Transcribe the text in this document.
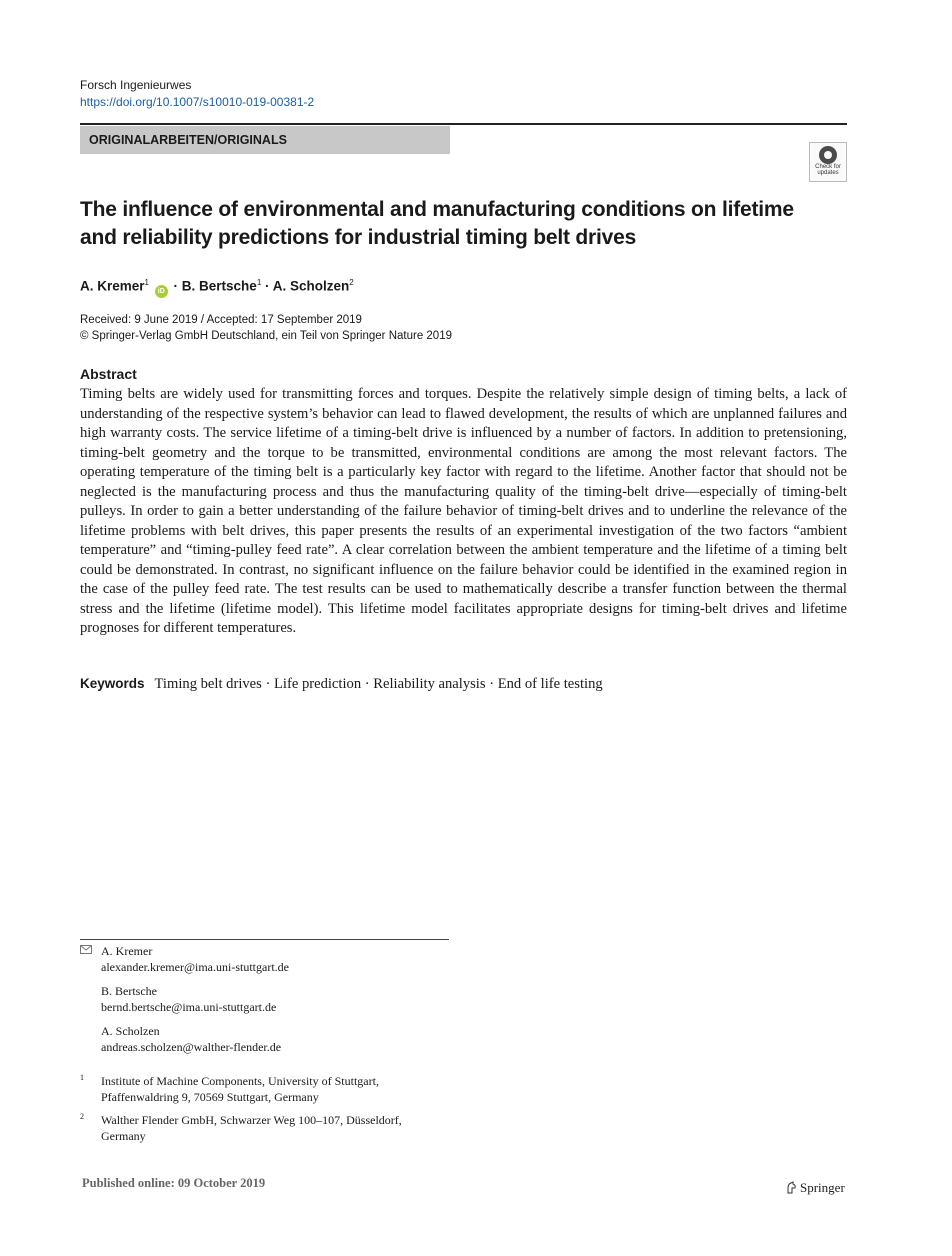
Forsch Ingenieurwes
https://doi.org/10.1007/s10010-019-00381-2
ORIGINALARBEITEN/ORIGINALS
Check for
updates
The influence of environmental and manufacturing conditions on lifetime and reliability predictions for industrial timing belt drives
A. Kremer$^1$ iD · B. Bertsche$^1$ · A. Scholzen$^2$
Received: 9 June 2019 / Accepted: 17 September 2019
© Springer-Verlag GmbH Deutschland, ein Teil von Springer Nature 2019
Abstract

Timing belts are widely used for transmitting forces and torques. Despite the relatively simple design of timing belts, a lack of understanding of the respective system’s behavior can lead to flawed development, the results of which are unplanned failures and high warranty costs. The service lifetime of a timing-belt drive is influenced by a number of factors. In addition to pretensioning, timing-belt geometry and the torque to be transmitted, environmental conditions are among the most relevant factors. The operating temperature of the timing belt is a particularly key factor with regard to the lifetime. Another factor that should not be neglected is the manufacturing process and thus the manufacturing quality of the timing-belt drive—especially of timing-belt pulleys. In order to gain a better understanding of the failure behavior of timing-belt drives and to underline the relevance of the lifetime problems with belt drives, this paper presents the results of an experimental investigation of the two factors “ambient temperature” and “timing-pulley feed rate”. A clear correlation between the ambient temperature and the lifetime of a timing belt could be demonstrated. In contrast, no significant influence on the failure behavior could be identified in the examined region in the case of the pulley feed rate. The test results can be used to mathematically describe a transfer function between the thermal stress and the lifetime (lifetime model). This lifetime model facilitates appropriate designs for timing-belt drives and lifetime prognoses for different temperatures.

Keywords Timing belt drives · Life prediction · Reliability analysis · End of life testing
A. Kremer
alexander.kremer@ima.uni-stuttgart.de
B. Bertsche
bernd.bertsche@ima.uni-stuttgart.de
A. Scholzen
andreas.scholzen@walther-flender.de
1 Institute of Machine Components, University of Stuttgart,
Pfaffenwaldring 9, 70569 Stuttgart, Germany
2 Walther Flender GmbH, Schwarzer Weg 100–107, Düsseldorf,
Germany
Published online: 09 October 2019	Springer
